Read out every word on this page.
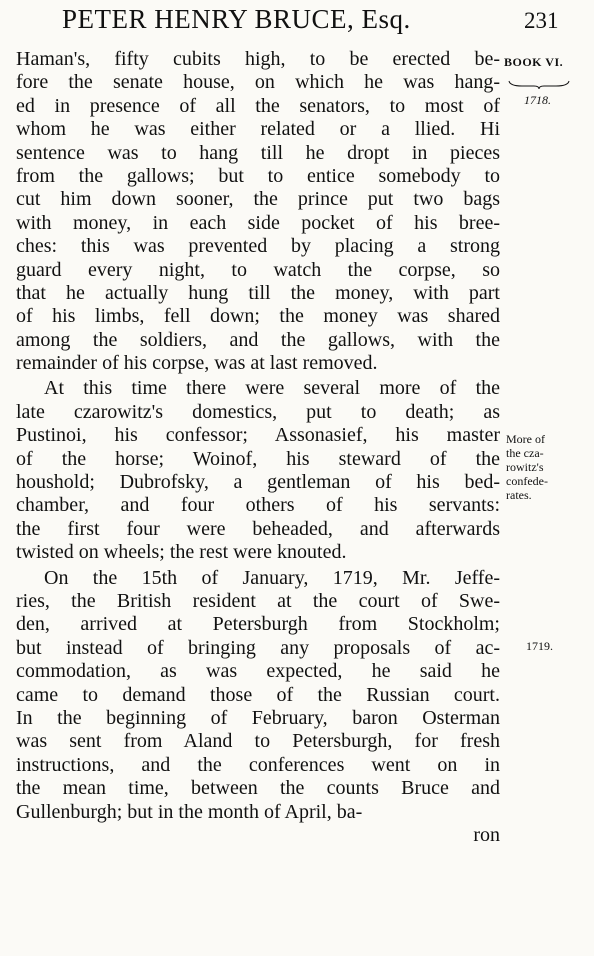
PETER HENRY BRUCE, Esq.	231
Haman's, fifty cubits high, to be erected be-
fore the senate house, on which he was hang-
ed in presence of all the senators, to most of
whom he was either related or a llied. Hi
sentence was to hang till he dropt in pieces
from the gallows; but to entice somebody to
cut him down sooner, the prince put two bags
with money, in each side pocket of his bree-
ches: this was prevented by placing a strong
guard every night, to watch the corpse, so
that he actually hung till the money, with part
of his limbs, fell down; the money was shared
among the soldiers, and the gallows, with the
remainder of his corpse, was at last removed.
At this time there were several more of the
late czarowitz's domestics, put to death; as
Pustinoi, his confessor; Assonasief, his master
of the horse; Woinof, his steward of the
houshold; Dubrofsky, a gentleman of his bed-
chamber, and four others of his servants:
the first four were beheaded, and afterwards
twisted on wheels; the rest were knouted.
On the 15th of January, 1719, Mr. Jeffe-
ries, the British resident at the court of Swe-
den, arrived at Petersburgh from Stockholm;
but instead of bringing any proposals of ac-
commodation, as was expected, he said he
came to demand those of the Russian court.
In the beginning of February, baron Osterman
was sent from Aland to Petersburgh, for fresh
instructions, and the conferences went on in
the mean time, between the counts Bruce and
Gullenburgh; but in the month of April, ba-
ron
BOOK VI.
1718.
More of
the cza-
rowitz's
confede-
rates.
1719.
